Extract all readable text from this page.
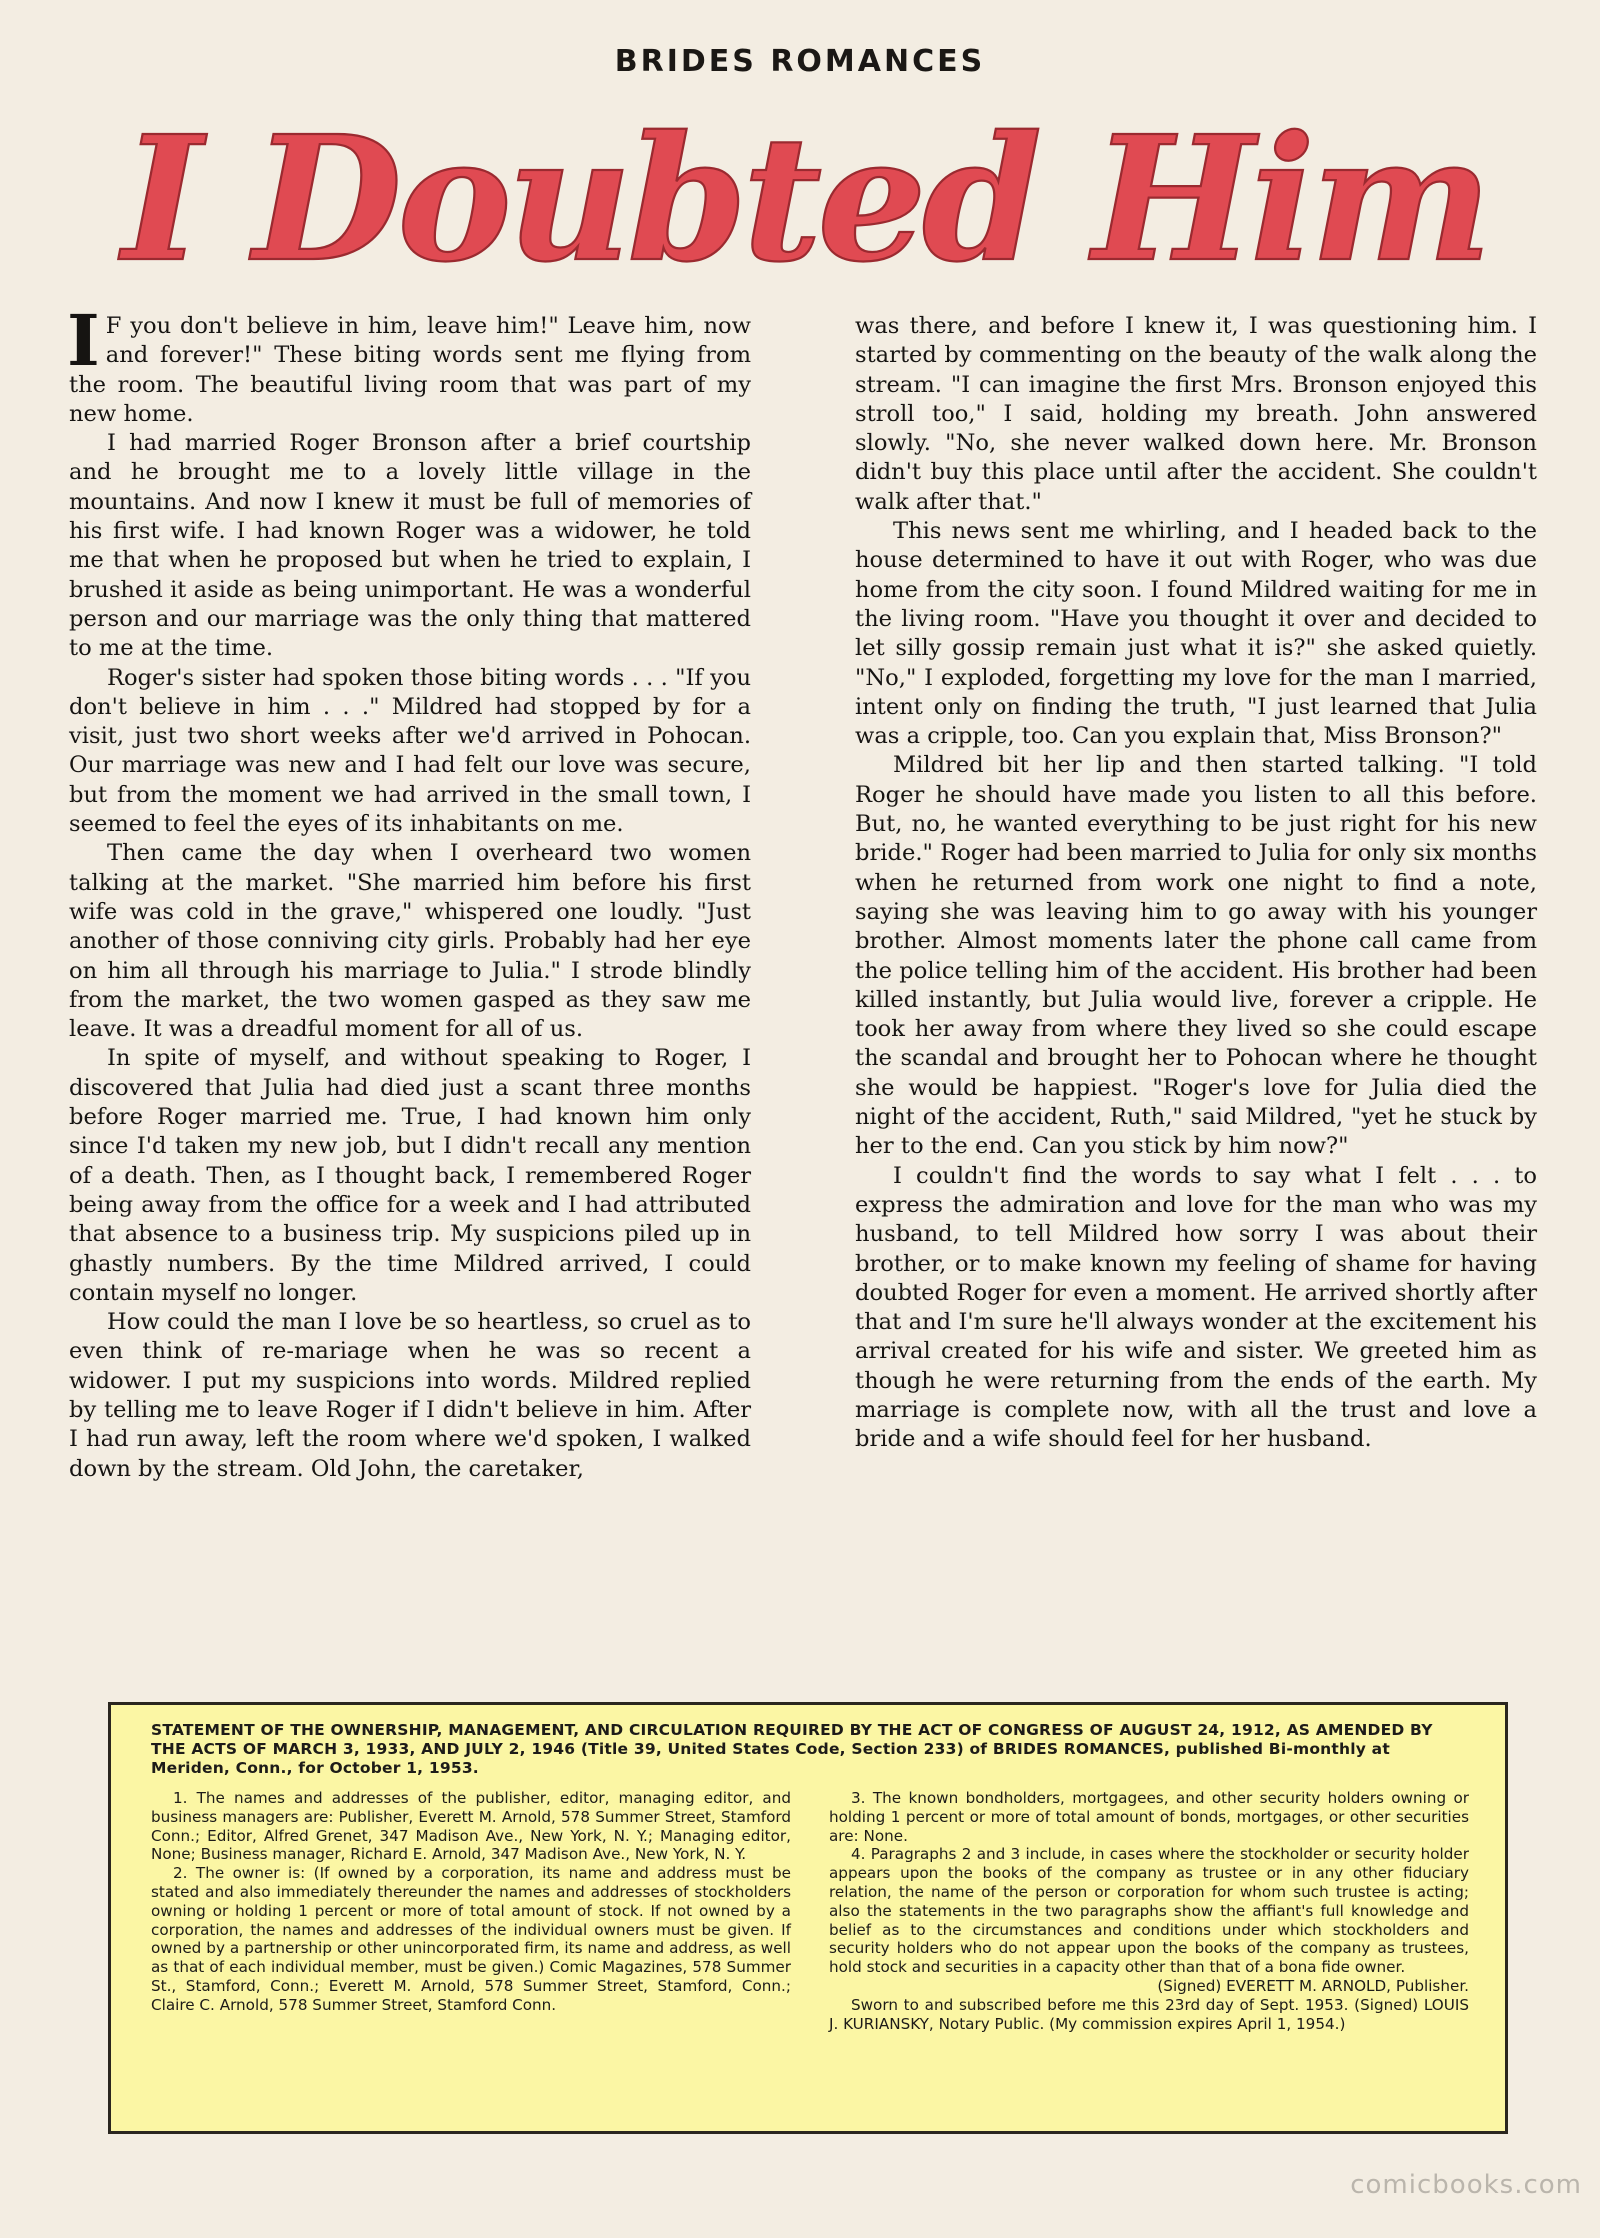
BRIDES ROMANCES
I Doubted Him

I F you don't believe in him, leave him!" Leave him, now and forever!" These biting words sent me flying from the room. The beautiful living room that was part of my new home.

I had married Roger Bronson after a brief courtship and he brought me to a lovely little village in the mountains. And now I knew it must be full of memories of his first wife. I had known Roger was a widower, he told me that when he proposed but when he tried to explain, I brushed it aside as being unimportant. He was a wonderful person and our marriage was the only thing that mattered to me at the time.

Roger's sister had spoken those biting words . . . "If you don't believe in him . . ." Mildred had stopped by for a visit, just two short weeks after we'd arrived in Pohocan. Our marriage was new and I had felt our love was secure, but from the moment we had arrived in the small town, I seemed to feel the eyes of its inhabitants on me.

Then came the day when I overheard two women talking at the market. "She married him before his first wife was cold in the grave," whispered one loudly. "Just another of those conniving city girls. Probably had her eye on him all through his marriage to Julia." I strode blindly from the market, the two women gasped as they saw me leave. It was a dreadful moment for all of us.

In spite of myself, and without speaking to Roger, I discovered that Julia had died just a scant three months before Roger married me. True, I had known him only since I'd taken my new job, but I didn't recall any mention of a death. Then, as I thought back, I remembered Roger being away from the office for a week and I had attributed that absence to a business trip. My suspicions piled up in ghastly numbers. By the time Mildred arrived, I could contain myself no longer.

How could the man I love be so heartless, so cruel as to even think of re-mariage when he was so recent a widower. I put my suspicions into words. Mildred replied by telling me to leave Roger if I didn't believe in him. After I had run away, left the room where we'd spoken, I walked down by the stream. Old John, the caretaker,

was there, and before I knew it, I was questioning him. I started by commenting on the beauty of the walk along the stream. "I can imagine the first Mrs. Bronson enjoyed this stroll too," I said, holding my breath. John answered slowly. "No, she never walked down here. Mr. Bronson didn't buy this place until after the accident. She couldn't walk after that."

This news sent me whirling, and I headed back to the house determined to have it out with Roger, who was due home from the city soon. I found Mildred waiting for me in the living room. "Have you thought it over and decided to let silly gossip remain just what it is?" she asked quietly. "No," I exploded, forgetting my love for the man I married, intent only on finding the truth, "I just learned that Julia was a cripple, too. Can you explain that, Miss Bronson?"

Mildred bit her lip and then started talking. "I told Roger he should have made you listen to all this before. But, no, he wanted everything to be just right for his new bride." Roger had been married to Julia for only six months when he returned from work one night to find a note, saying she was leaving him to go away with his younger brother. Almost moments later the phone call came from the police telling him of the accident. His brother had been killed instantly, but Julia would live, forever a cripple. He took her away from where they lived so she could escape the scandal and brought her to Pohocan where he thought she would be happiest. "Roger's love for Julia died the night of the accident, Ruth," said Mildred, "yet he stuck by her to the end. Can you stick by him now?"

I couldn't find the words to say what I felt . . . to express the admiration and love for the man who was my husband, to tell Mildred how sorry I was about their brother, or to make known my feeling of shame for having doubted Roger for even a moment. He arrived shortly after that and I'm sure he'll always wonder at the excitement his arrival created for his wife and sister. We greeted him as though he were returning from the ends of the earth. My marriage is complete now, with all the trust and love a bride and a wife should feel for her husband.

STATEMENT OF THE OWNERSHIP, MANAGEMENT, AND CIRCULATION REQUIRED BY THE ACT OF CONGRESS OF AUGUST 24, 1912, AS AMENDED BY THE ACTS OF MARCH 3, 1933, AND JULY 2, 1946 (Title 39, United States Code, Section 233) of BRIDES ROMANCES, published Bi-monthly at Meriden, Conn., for October 1, 1953.

1. The names and addresses of the publisher, editor, managing editor, and business managers are: Publisher, Everett M. Arnold, 578 Summer Street, Stamford Conn.; Editor, Alfred Grenet, 347 Madison Ave., New York, N. Y.; Managing editor, None; Business manager, Richard E. Arnold, 347 Madison Ave., New York, N. Y.

2. The owner is: (If owned by a corporation, its name and address must be stated and also immediately thereunder the names and addresses of stockholders owning or holding 1 percent or more of total amount of stock. If not owned by a corporation, the names and addresses of the individual owners must be given. If owned by a partnership or other unincorporated firm, its name and address, as well as that of each individual member, must be given.) Comic Magazines, 578 Summer St., Stamford, Conn.; Everett M. Arnold, 578 Summer Street, Stamford, Conn.; Claire C. Arnold, 578 Summer Street, Stamford Conn.

3. The known bondholders, mortgagees, and other security holders owning or holding 1 percent or more of total amount of bonds, mortgages, or other securities are: None.

4. Paragraphs 2 and 3 include, in cases where the stockholder or security holder appears upon the books of the company as trustee or in any other fiduciary relation, the name of the person or corporation for whom such trustee is acting; also the statements in the two paragraphs show the affiant's full knowledge and belief as to the circumstances and conditions under which stockholders and security holders who do not appear upon the books of the company as trustees, hold stock and securities in a capacity other than that of a bona fide owner.

(Signed) EVERETT M. ARNOLD, Publisher.

Sworn to and subscribed before me this 23rd day of Sept. 1953. (Signed) LOUIS J. KURIANSKY, Notary Public. (My commission expires April 1, 1954.)

comicbooks.com
